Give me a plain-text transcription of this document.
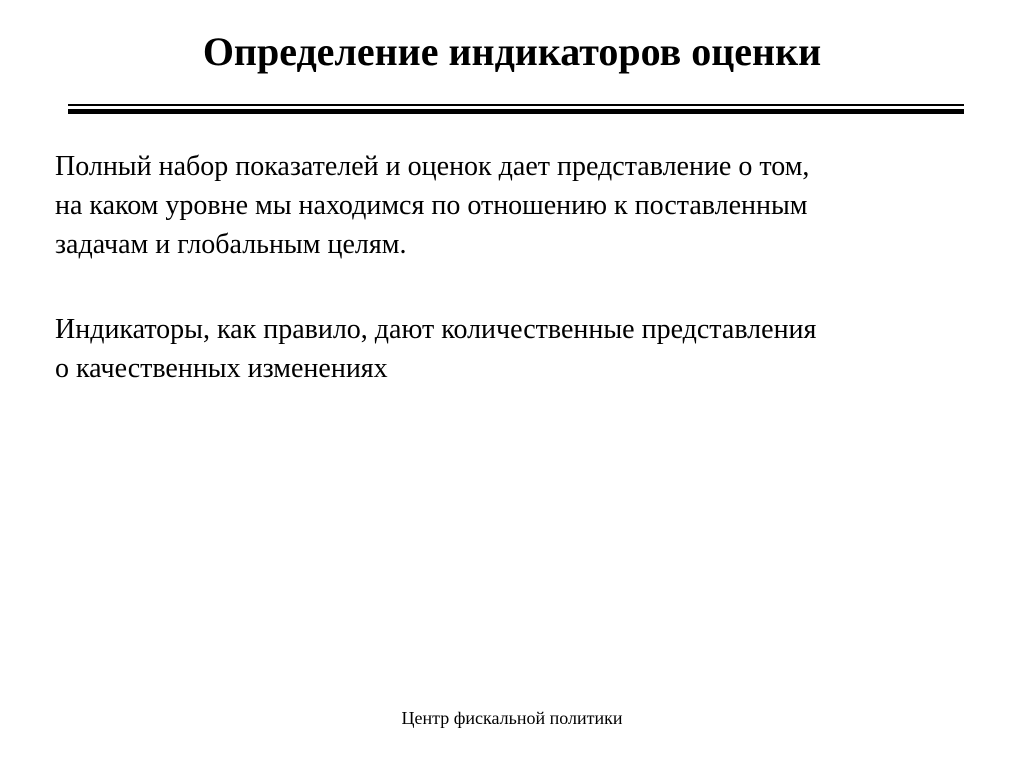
Определение индикаторов оценки
Полный набор показателей и оценок дает представление о том,
на каком уровне мы находимся по отношению к поставленным
задачам и глобальным целям.
Индикаторы, как правило, дают количественные представления
о качественных изменениях
Центр фискальной политики
